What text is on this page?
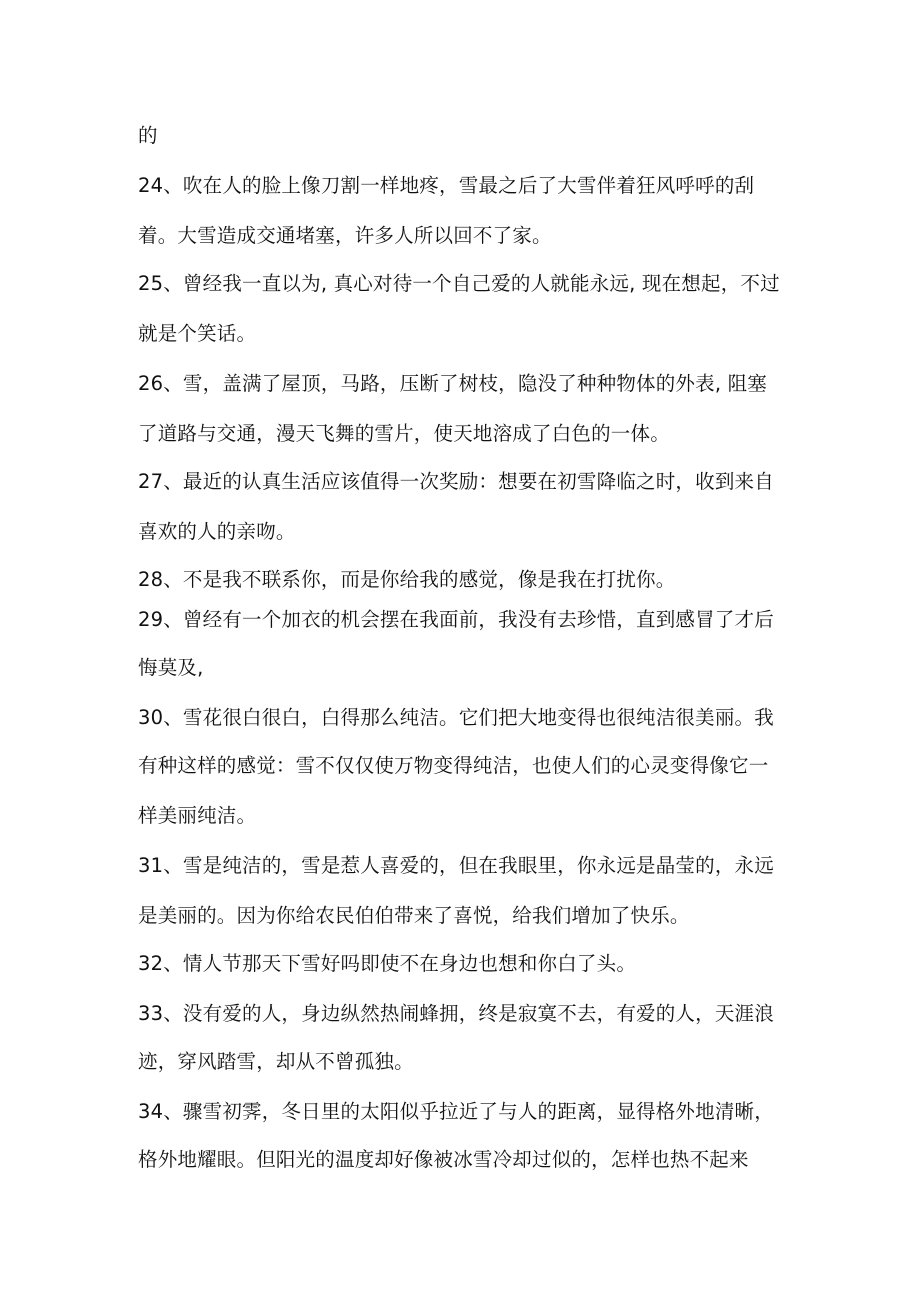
的
24、吹在人的脸上像刀割一样地疼，雪最之后了大雪伴着狂风呼呼的刮
着。大雪造成交通堵塞，许多人所以回不了家。
25、曾经我一直以为, 真心对待一个自己爱的人就能永远, 现在想起，不过
就是个笑话。
26、雪，盖满了屋顶，马路，压断了树枝，隐没了种种物体的外表, 阻塞
了道路与交通，漫天飞舞的雪片，使天地溶成了白色的一体。
27、最近的认真生活应该值得一次奖励：想要在初雪降临之时，收到来自
喜欢的人的亲吻。
28、不是我不联系你，而是你给我的感觉，像是我在打扰你。
29、曾经有一个加衣的机会摆在我面前，我没有去珍惜，直到感冒了才后
悔莫及,
30、雪花很白很白，白得那么纯洁。它们把大地变得也很纯洁很美丽。我
有种这样的感觉：雪不仅仅使万物变得纯洁，也使人们的心灵变得像它一
样美丽纯洁。
31、雪是纯洁的，雪是惹人喜爱的，但在我眼里，你永远是晶莹的，永远
是美丽的。因为你给农民伯伯带来了喜悦，给我们增加了快乐。
32、情人节那天下雪好吗即使不在身边也想和你白了头。
33、没有爱的人，身边纵然热闹蜂拥，终是寂寞不去，有爱的人，天涯浪
迹，穿风踏雪，却从不曾孤独。
34、骤雪初霁，冬日里的太阳似乎拉近了与人的距离，显得格外地清晰，
格外地耀眼。但阳光的温度却好像被冰雪冷却过似的，怎样也热不起来
